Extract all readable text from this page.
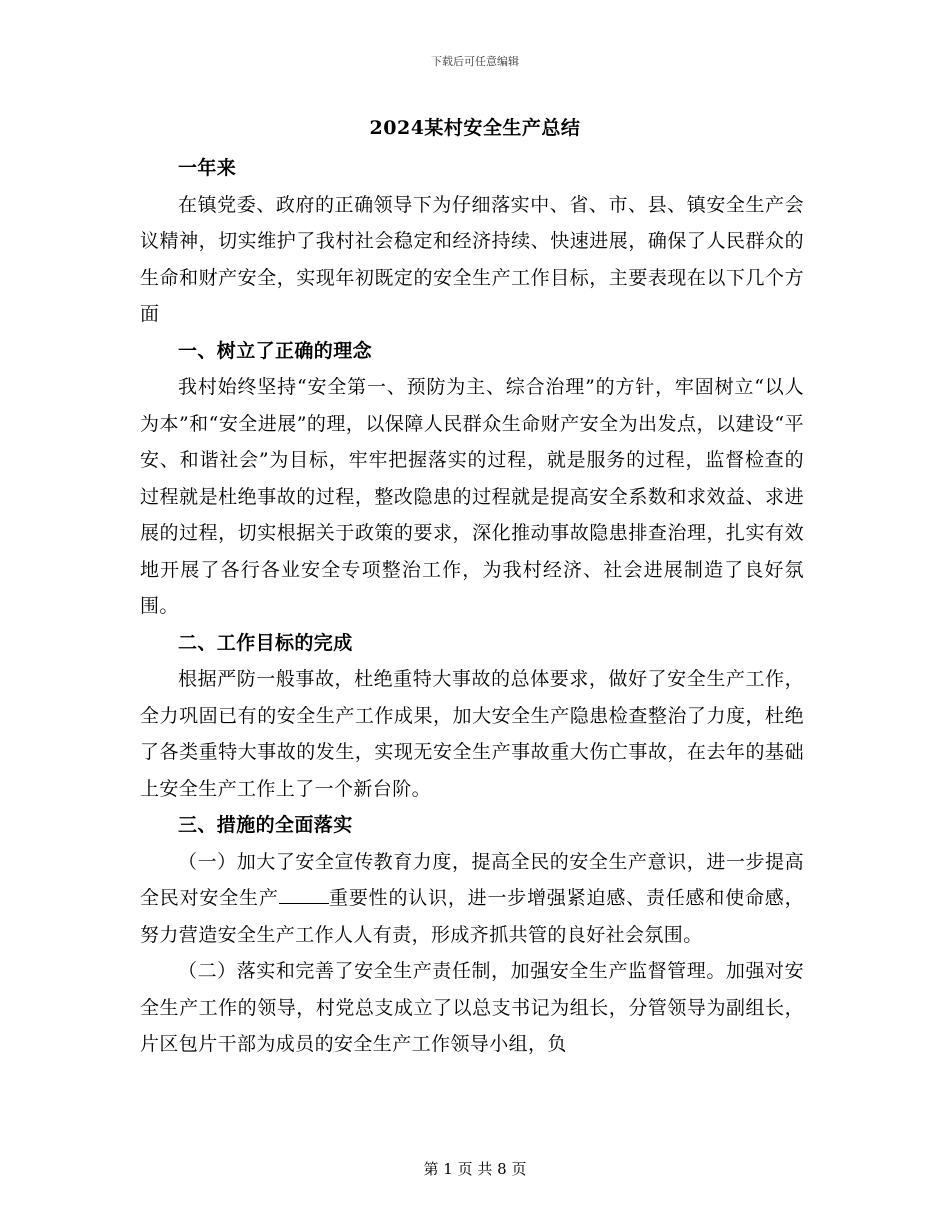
下载后可任意编辑
2024某村安全生产总结
一年来

在镇党委、政府的正确领导下为仔细落实中、省、市、县、镇安全生产会议精神，切实维护了我村社会稳定和经济持续、快速进展，确保了人民群众的生命和财产安全，实现年初既定的安全生产工作目标，主要表现在以下几个方面

一、树立了正确的理念

我村始终坚持“安全第一、预防为主、综合治理”的方针，牢固树立“以人为本”和“安全进展”的理，以保障人民群众生命财产安全为出发点，以建设“平安、和谐社会”为目标，牢牢把握落实的过程，就是服务的过程，监督检查的过程就是杜绝事故的过程，整改隐患的过程就是提高安全系数和求效益、求进展的过程，切实根据关于政策的要求，深化推动事故隐患排查治理，扎实有效地开展了各行各业安全专项整治工作，为我村经济、社会进展制造了良好氛围。

二、工作目标的完成

根据严防一般事故，杜绝重特大事故的总体要求，做好了安全生产工作，全力巩固已有的安全生产工作成果，加大安全生产隐患检查整治了力度，杜绝了各类重特大事故的发生，实现无安全生产事故重大伤亡事故，在去年的基础上安全生产工作上了一个新台阶。

三、措施的全面落实

（一）加大了安全宣传教育力度，提高全民的安全生产意识，进一步提高全民对安全生产	重要性的认识，进一步增强紧迫感、责任感和使命感，努力营造安全生产工作人人有责，形成齐抓共管的良好社会氛围。

（二）落实和完善了安全生产责任制，加强安全生产监督管理。加强对安全生产工作的领导，村党总支成立了以总支书记为组长，分管领导为副组长，片区包片干部为成员的安全生产工作领导小组，负

第 1 页 共 8 页
